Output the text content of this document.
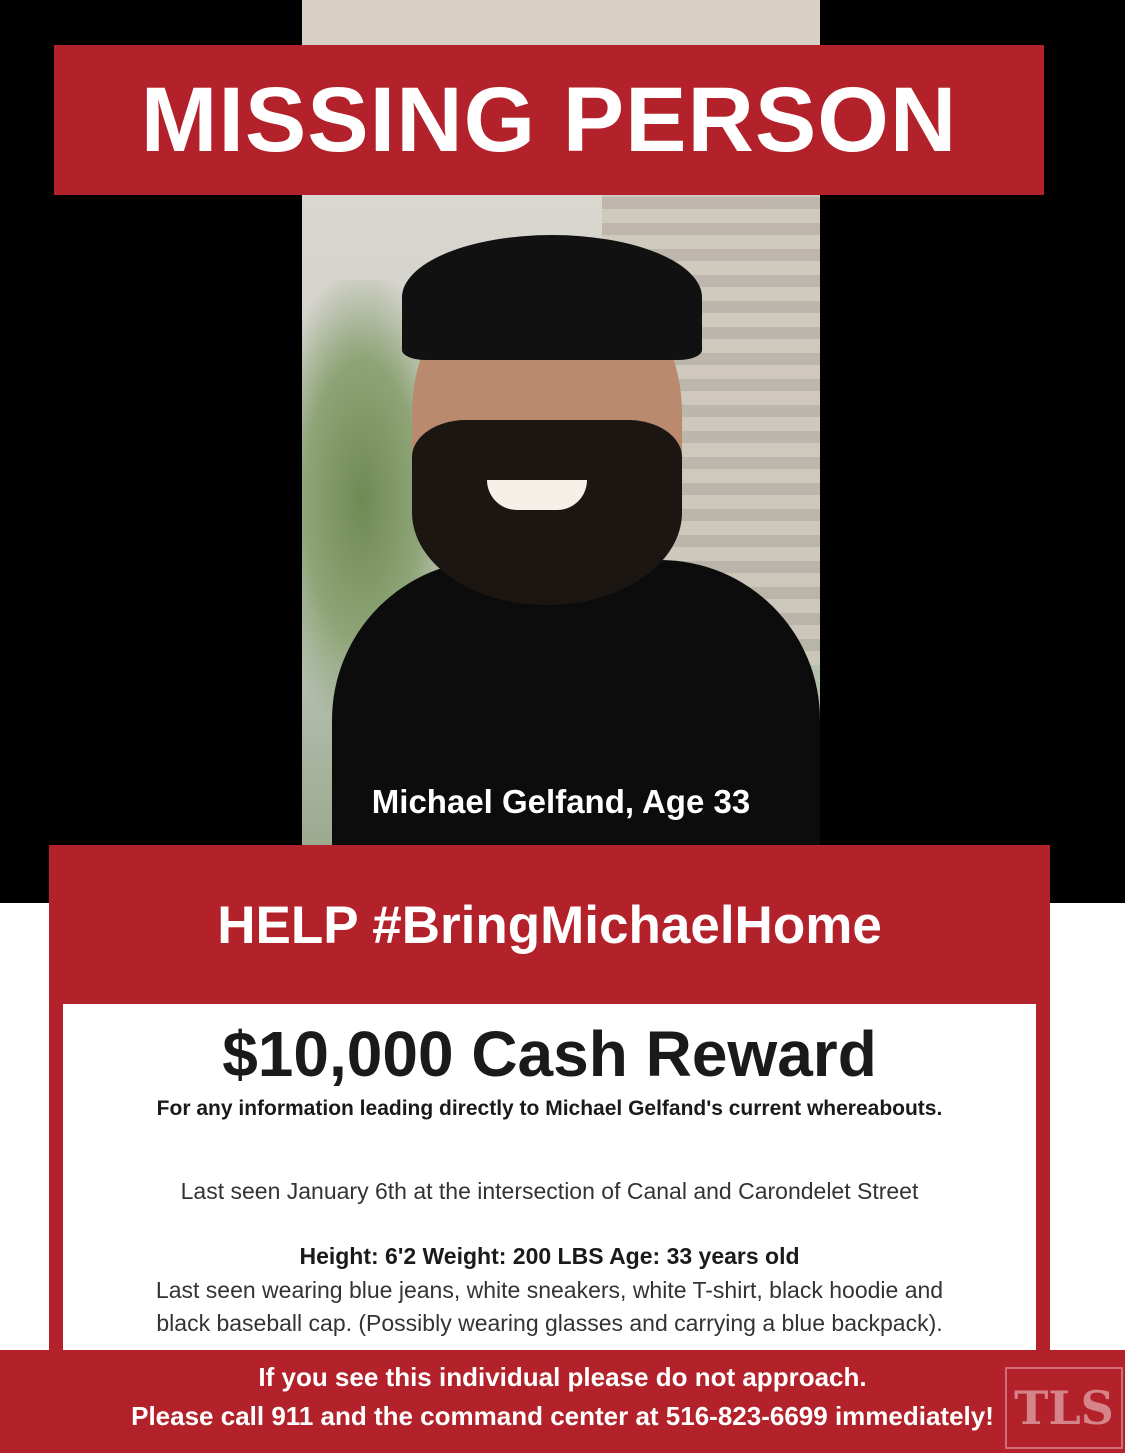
MISSING PERSON
Michael Gelfand, Age 33
HELP #BringMichaelHome
$10,000 Cash Reward
For any information leading directly to Michael Gelfand's current whereabouts.
Last seen January 6th at the intersection of Canal and Carondelet Street
Height: 6'2 Weight: 200 LBS Age: 33 years old
Last seen wearing blue jeans, white sneakers, white T-shirt, black hoodie and
black baseball cap. (Possibly wearing glasses and carrying a blue backpack).
If you see this individual please do not approach.
Please call 911 and the command center at 516-823-6699 immediately! TLS
